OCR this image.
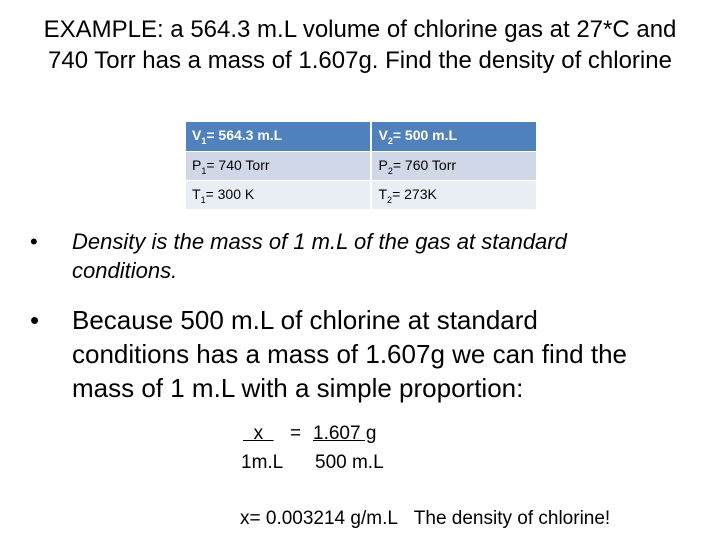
EXAMPLE: a 564.3 m.L volume of chlorine gas at 27*C and 740 Torr has a mass of 1.607g. Find the density of chlorine
$V_1= 564.3$ m.L	$V_2= 500$ m.L
$P_1= 740$ Torr	$P_2= 760$ Torr
$T_1= 300$ K	$T_2= 273K$
• Density is the mass of 1 m.L of the gas at standard conditions.
• Because 500 m.L of chlorine at standard conditions has a mass of 1.607g we can find the mass of 1 m.L with a simple proportion:
x	= 1.607 g
1m.L 500 m.L
x= 0.003214 g/m.L The density of chlorine!
